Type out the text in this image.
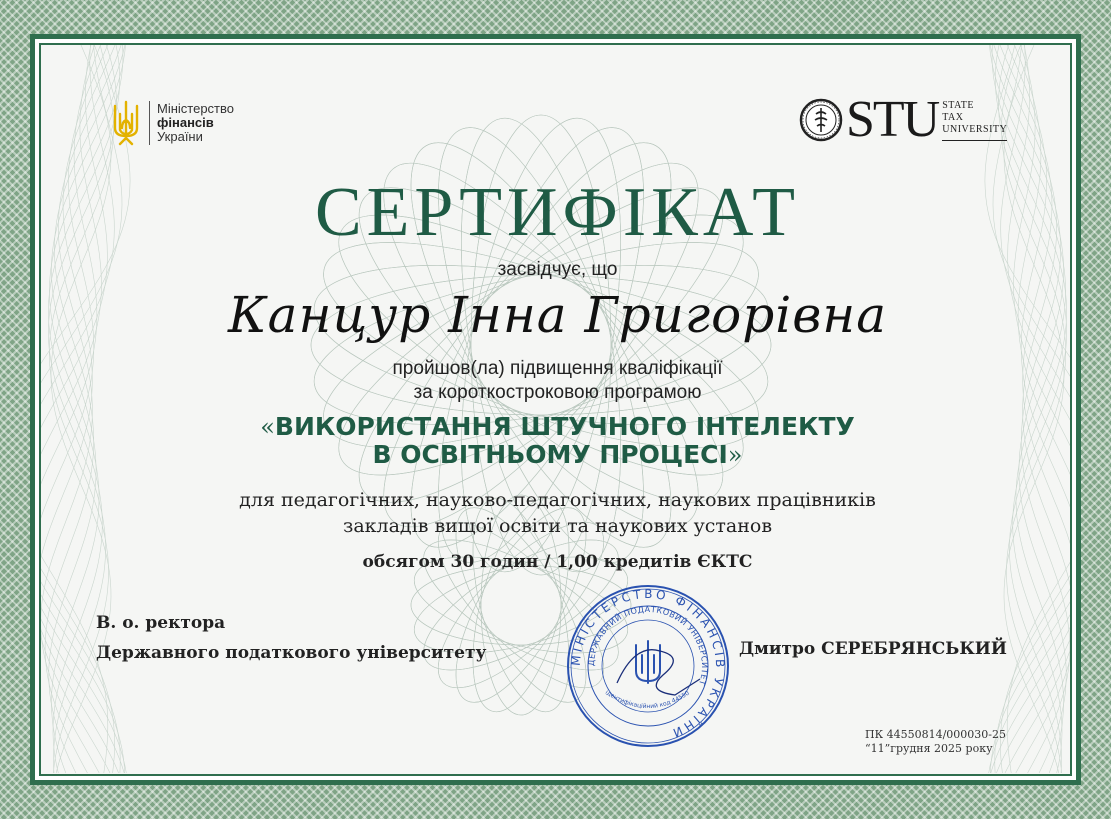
Міністерство
фінансів
України	STU STATE
TAX
UNIVERSITY
СЕРТИФІКАТ
засвідчує, що
Канцур Інна Григорівна
пройшов(ла) підвищення кваліфікації
за короткостроковою програмою
«ВИКОРИСТАННЯ ШТУЧНОГО ІНТЕЛЕКТУ
В ОСВІТНЬОМУ ПРОЦЕСІ»
для педагогічних, науково-педагогічних, наукових працівників
закладів вищої освіти та наукових установ
обсягом 30 годин / 1,00 кредитів ЄКТС
В. о. ректора
Державного податкового університету	МІНІСТЕРСТВО ФІНАНСІВ УКРАЇНИ
ДЕРЖАВНИЙ ПОДАТКОВИЙ УНІВЕРСИТЕТ
ідентифікаційний код 44550
Дмитро СЕРЕБРЯНСЬКИЙ
ПК 44550814/000030-25
“11”грудня 2025 року
